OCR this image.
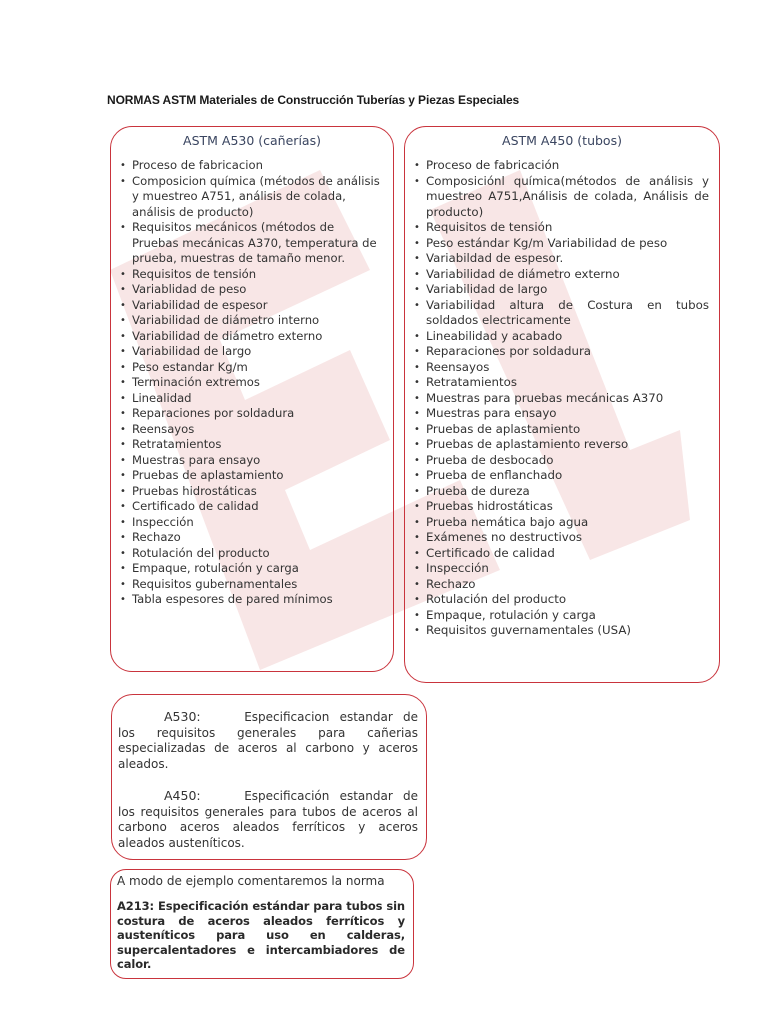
NORMAS ASTM Materiales de Construcción Tuberías y Piezas Especiales
ASTM A530 (cañerías)
• Proceso de fabricacion
• Composicion química (métodos de análisis y muestreo A751, análisis de colada, análisis de producto)
• Requisitos mecánicos (métodos de Pruebas mecánicas A370, temperatura de prueba, muestras de tamaño menor.
• Requisitos de tensión
• Variablidad de peso
• Variabilidad de espesor
• Variabilidad de diámetro interno
• Variabilidad de diámetro externo
• Variabilidad de largo
• Peso estandar Kg/m
• Terminación extremos
• Linealidad
• Reparaciones por soldadura
• Reensayos
• Retratamientos
• Muestras para ensayo
• Pruebas de aplastamiento
• Pruebas hidrostáticas
• Certificado de calidad
• Inspección
• Rechazo
• Rotulación del producto
• Empaque, rotulación y carga
• Requisitos gubernamentales
• Tabla espesores de pared mínimos
ASTM A450 (tubos)
• Proceso de fabricación
• Composiciónl química(métodos de análisis y muestreo A751,Análisis de colada, Análisis de producto)
• Requisitos de tensión
• Peso estándar Kg/m Variabilidad de peso
• Variabildad de espesor.
• Variabilidad de diámetro externo
• Variabilidad de largo
• Variabilidad altura de Costura en tubos soldados electricamente
• Lineabilidad y acabado
• Reparaciones por soldadura
• Reensayos
• Retratamientos
• Muestras para pruebas mecánicas A370
• Muestras para ensayo
• Pruebas de aplastamiento
• Pruebas de aplastamiento reverso
• Prueba de desbocado
• Prueba de enflanchado
• Prueba de dureza
• Pruebas hidrostáticas
• Prueba nemática bajo agua
• Exámenes no destructivos
• Certificado de calidad
• Inspección
• Rechazo
• Rotulación del producto
• Empaque, rotulación y carga
• Requisitos guvernamentales (USA)

A530:	Especificacion estandar de los requisitos generales para cañerias especializadas de aceros al carbono y aceros aleados.

A450:	Especificación estandar de los requisitos generales para tubos de aceros al carbono aceros aleados ferríticos y aceros aleados austeníticos.

A modo de ejemplo comentaremos la norma

A213: Especificación estándar para tubos sin costura de aceros aleados ferríticos y austeníticos para uso en calderas, supercalentadores e intercambiadores de calor.
